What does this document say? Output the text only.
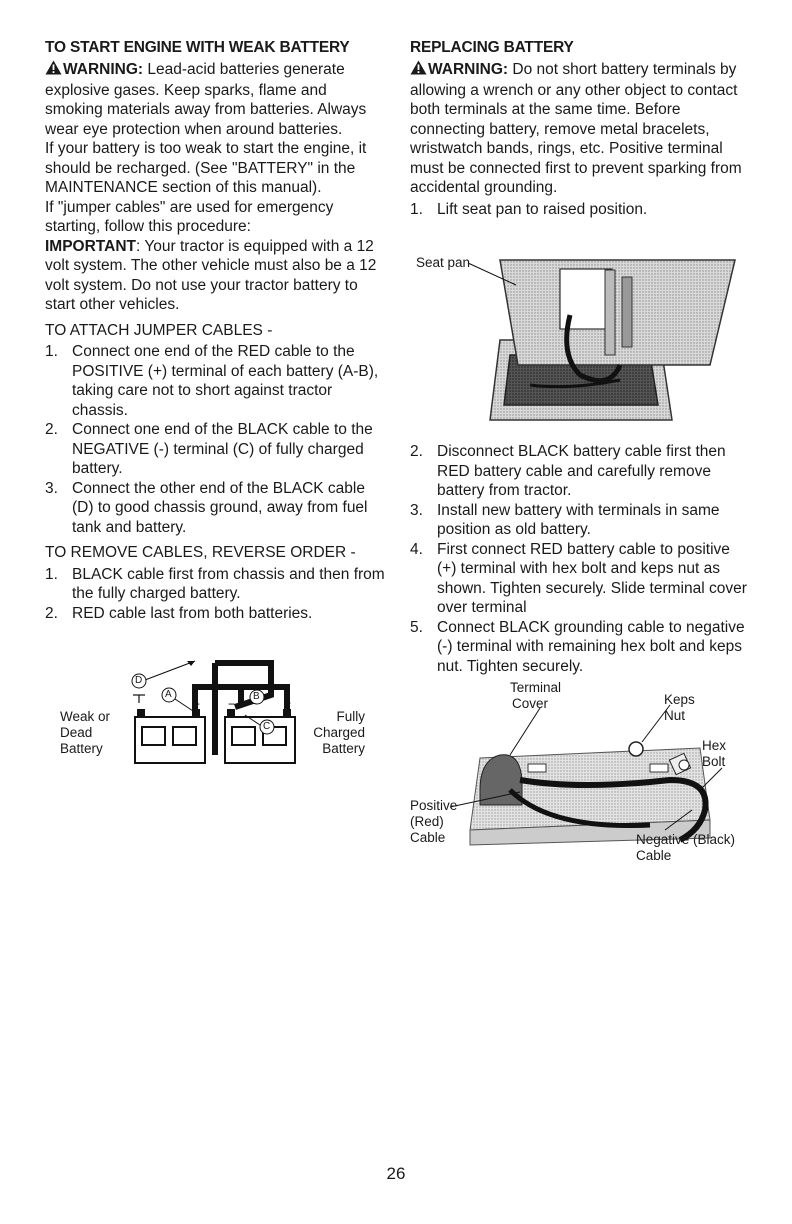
TO START ENGINE WITH WEAK BATTERY

WARNING: Lead-acid batteries generate explosive gases. Keep sparks, flame and smoking materials away from batteries. Always wear eye protection when around batteries.

If your battery is too weak to start the engine, it should be recharged. (See "BATTERY" in the MAINTENANCE section of this manual).

If "jumper cables" are used for emergency starting, follow this procedure:

IMPORTANT: Your tractor is equipped with a 12 volt system. The other vehicle must also be a 12 volt system. Do not use your tractor battery to start other vehicles.

TO ATTACH JUMPER CABLES -

1. Connect one end of the RED cable to the POSITIVE (+) terminal of each battery (A-B), taking care not to short against tractor chassis.
2. Connect one end of the BLACK cable to the NEGATIVE (-) terminal (C) of fully charged battery.
3. Connect the other end of the BLACK cable (D) to good chassis ground, away from fuel tank and battery.

TO REMOVE CABLES, REVERSE ORDER -

1. BLACK cable first from chassis and then from the fully charged battery.
2. RED cable last from both batteries.
−
+ −	+
D
A	B
C
Weak or
Dead
Battery
Fully
Charged
Battery
REPLACING BATTERY

WARNING: Do not short battery terminals by allowing a wrench or any other object to contact both terminals at the same time. Before connecting battery, remove metal bracelets, wristwatch bands, rings, etc. Positive terminal must be connected first to prevent sparking from accidental grounding.

1. Lift seat pan to raised position.
Seat pan
2. Disconnect BLACK battery cable first then RED battery cable and carefully remove battery from tractor.
3. Install new battery with terminals in same position as old battery.
4. First connect RED battery cable to positive (+) terminal with hex bolt and keps nut as shown. Tighten securely. Slide terminal cover over terminal
5. Connect BLACK grounding cable to negative (-) terminal with remaining hex bolt and keps nut. Tighten securely.
Terminal
Cover	Keps
Nut
Hex
Bolt
Positive
(Red)
Cable	Negative (Black)
Cable
26
